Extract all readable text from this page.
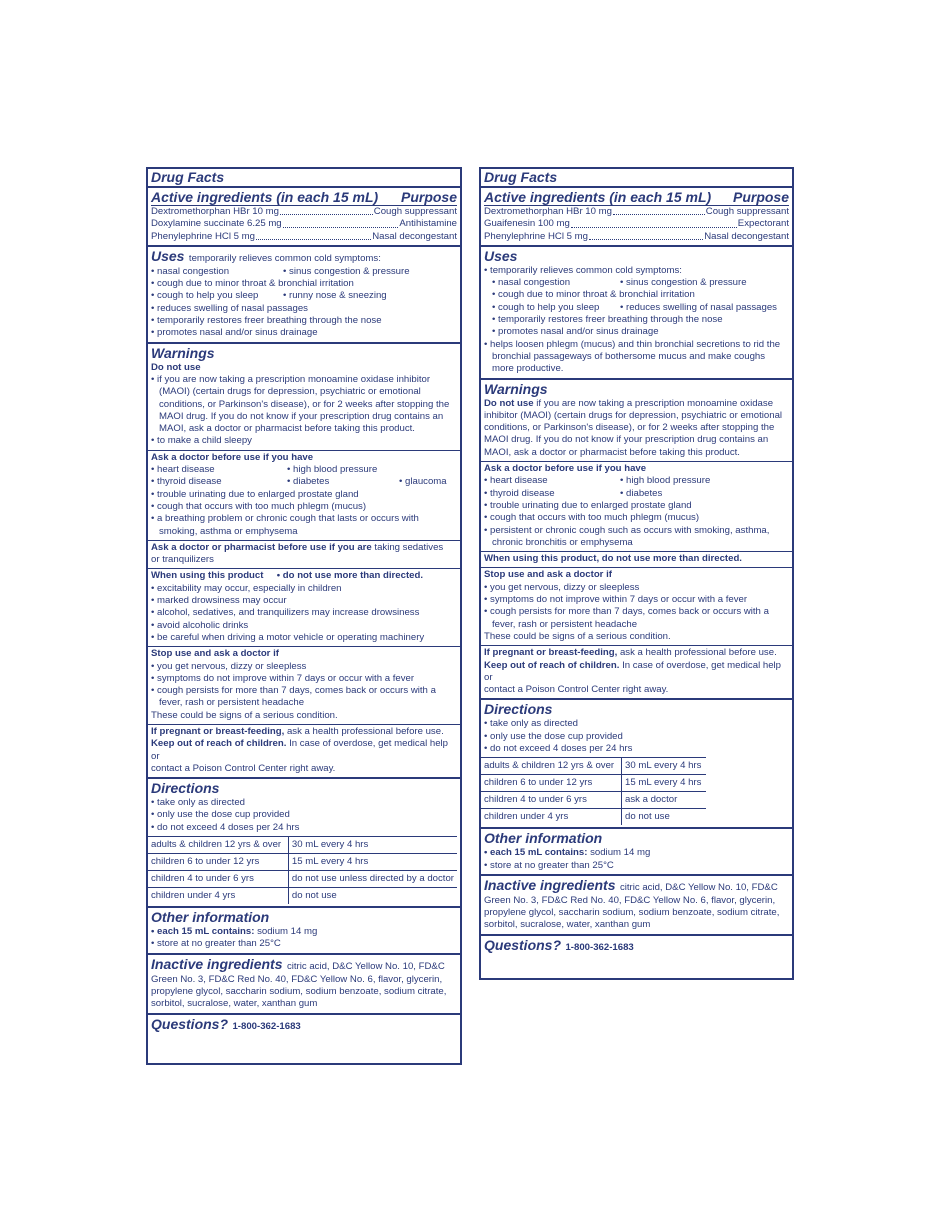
Drug Facts
Active ingredients (in each 15 mL) Purpose
Dextromethorphan HBr 10 mg	Cough suppressant
Doxylamine succinate 6.25 mg	Antihistamine
Phenylephrine HCl 5 mg	Nasal decongestant
Uses temporarily relieves common cold symptoms:
• nasal congestion	• sinus congestion & pressure
• cough due to minor throat & bronchial irritation
• cough to help you sleep	• runny nose & sneezing
• reduces swelling of nasal passages
• temporarily restores freer breathing through the nose
• promotes nasal and/or sinus drainage
Warnings
Do not use
• if you are now taking a prescription monoamine oxidase inhibitor
(MAOI) (certain drugs for depression, psychiatric or emotional
conditions, or Parkinson's disease), or for 2 weeks after stopping the
MAOI drug. If you do not know if your prescription drug contains an
MAOI, ask a doctor or pharmacist before taking this product.
• to make a child sleepy
Ask a doctor before use if you have
• heart disease	• high blood pressure
• thyroid disease	• diabetes	• glaucoma
• trouble urinating due to enlarged prostate gland
• cough that occurs with too much phlegm (mucus)
• a breathing problem or chronic cough that lasts or occurs with
smoking, asthma or emphysema
Ask a doctor or pharmacist before use if you are taking sedatives
or tranquilizers
When using this product • do not use more than directed.
• excitability may occur, especially in children
• marked drowsiness may occur
• alcohol, sedatives, and tranquilizers may increase drowsiness
• avoid alcoholic drinks
• be careful when driving a motor vehicle or operating machinery
Stop use and ask a doctor if
• you get nervous, dizzy or sleepless
• symptoms do not improve within 7 days or occur with a fever
• cough persists for more than 7 days, comes back or occurs with a
fever, rash or persistent headache
These could be signs of a serious condition.
If pregnant or breast-feeding, ask a health professional before use.
Keep out of reach of children. In case of overdose, get medical help or
contact a Poison Control Center right away.
Directions
• take only as directed
• only use the dose cup provided
• do not exceed 4 doses per 24 hrs
adults & children 12 yrs & over	30 mL every 4 hrs
children 6 to under 12 yrs	15 mL every 4 hrs
children 4 to under 6 yrs	do not use unless directed by a doctor
children under 4 yrs	do not use
Other information
• each 15 mL contains: sodium 14 mg
• store at no greater than 25°C
Inactive ingredients citric acid, D&C Yellow No. 10, FD&C
Green No. 3, FD&C Red No. 40, FD&C Yellow No. 6, flavor, glycerin,
propylene glycol, saccharin sodium, sodium benzoate, sodium citrate,
sorbitol, sucralose, water, xanthan gum
Questions? 1-800-362-1683
Drug Facts
Active ingredients (in each 15 mL) Purpose
Dextromethorphan HBr 10 mg	Cough suppressant
Guaifenesin 100 mg	Expectorant
Phenylephrine HCl 5 mg	Nasal decongestant
Uses
• temporarily relieves common cold symptoms:
• nasal congestion	• sinus congestion & pressure
• cough due to minor throat & bronchial irritation
• cough to help you sleep	• reduces swelling of nasal passages
• temporarily restores freer breathing through the nose
• promotes nasal and/or sinus drainage
• helps loosen phlegm (mucus) and thin bronchial secretions to rid the
bronchial passageways of bothersome mucus and make coughs
more productive.
Warnings
Do not use if you are now taking a prescription monoamine oxidase
inhibitor (MAOI) (certain drugs for depression, psychiatric or emotional
conditions, or Parkinson's disease), or for 2 weeks after stopping the
MAOI drug. If you do not know if your prescription drug contains an
MAOI, ask a doctor or pharmacist before taking this product.
Ask a doctor before use if you have
• heart disease	• high blood pressure
• thyroid disease	• diabetes
• trouble urinating due to enlarged prostate gland
• cough that occurs with too much phlegm (mucus)
• persistent or chronic cough such as occurs with smoking, asthma,
chronic bronchitis or emphysema
When using this product, do not use more than directed.
Stop use and ask a doctor if
• you get nervous, dizzy or sleepless
• symptoms do not improve within 7 days or occur with a fever
• cough persists for more than 7 days, comes back or occurs with a
fever, rash or persistent headache
These could be signs of a serious condition.
If pregnant or breast-feeding, ask a health professional before use.
Keep out of reach of children. In case of overdose, get medical help or
contact a Poison Control Center right away.
Directions
• take only as directed
• only use the dose cup provided
• do not exceed 4 doses per 24 hrs
adults & children 12 yrs & over	30 mL every 4 hrs
children 6 to under 12 yrs	15 mL every 4 hrs
children 4 to under 6 yrs	ask a doctor
children under 4 yrs	do not use
Other information
• each 15 mL contains: sodium 14 mg
• store at no greater than 25°C
Inactive ingredients citric acid, D&C Yellow No. 10, FD&C
Green No. 3, FD&C Red No. 40, FD&C Yellow No. 6, flavor, glycerin,
propylene glycol, saccharin sodium, sodium benzoate, sodium citrate,
sorbitol, sucralose, water, xanthan gum
Questions? 1-800-362-1683
